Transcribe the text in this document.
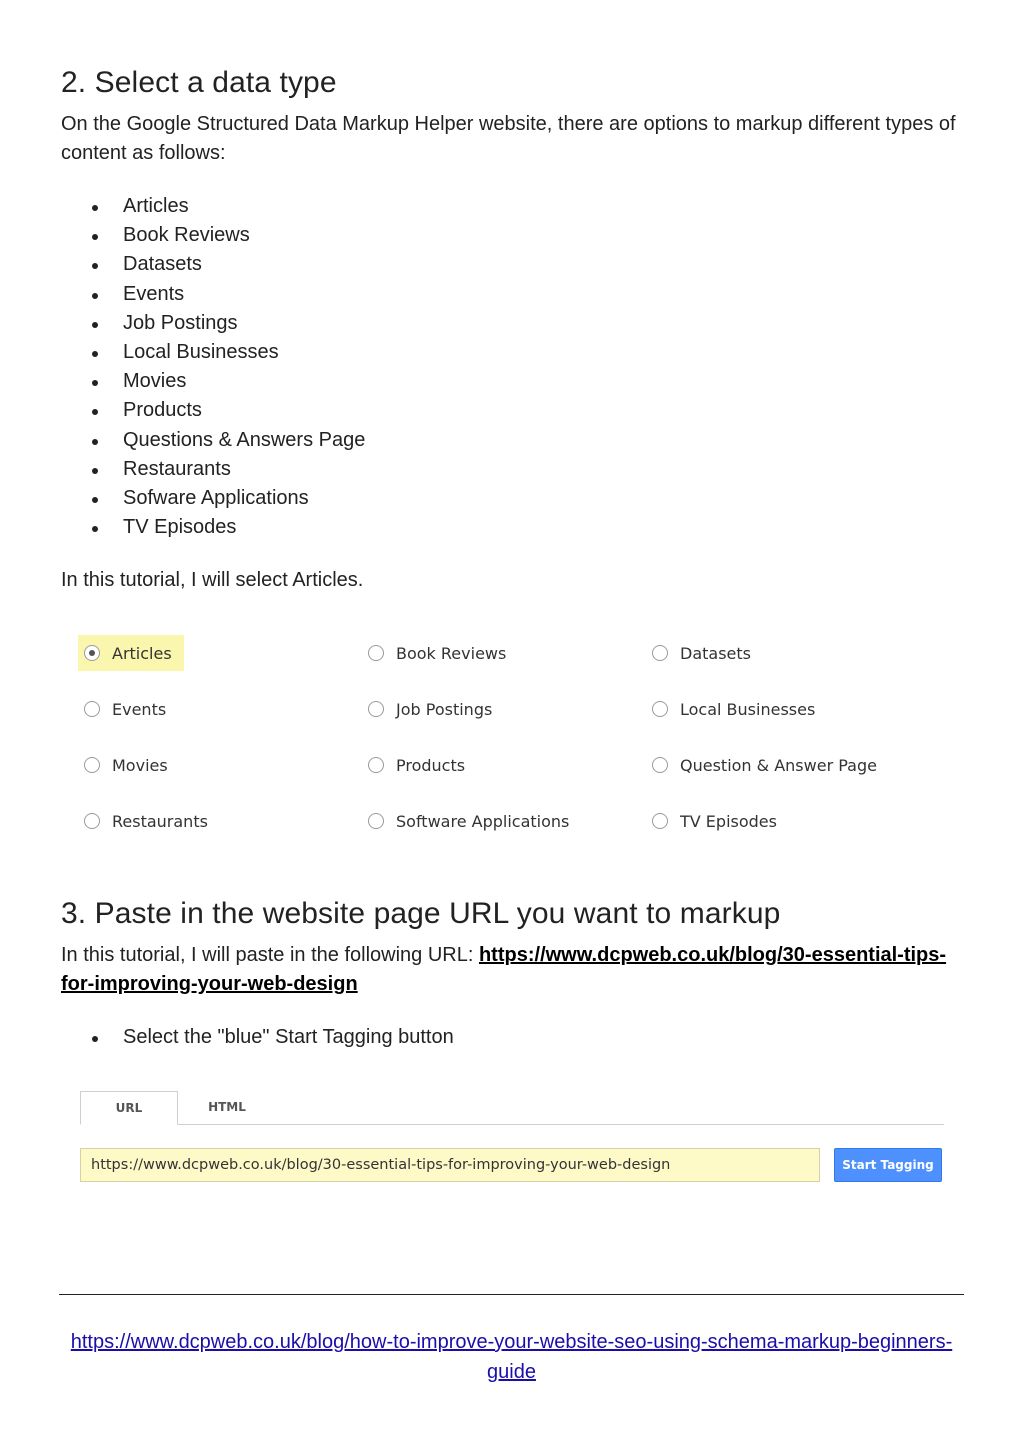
2. Select a data type
On the Google Structured Data Markup Helper website, there are options to markup different types of content as follows:
Articles
Book Reviews
Datasets
Events
Job Postings
Local Businesses
Movies
Products
Questions & Answers Page
Restaurants
Sofware Applications
TV Episodes
In this tutorial, I will select Articles.
Articles	Book Reviews	Datasets
Events	Job Postings	Local Businesses
Movies	Products	Question & Answer Page
Restaurants	Software Applications	TV Episodes
3. Paste in the website page URL you want to markup
In this tutorial, I will paste in the following URL: https://www.dcpweb.co.uk/blog/30-essential-tips-for-improving-your-web-design
Select the "blue" Start Tagging button
URL	HTML
https://www.dcpweb.co.uk/blog/30-essential-tips-for-improving-your-web-design	Start Tagging
https://www.dcpweb.co.uk/blog/how-to-improve-your-website-seo-using-schema-markup-beginners-guide
